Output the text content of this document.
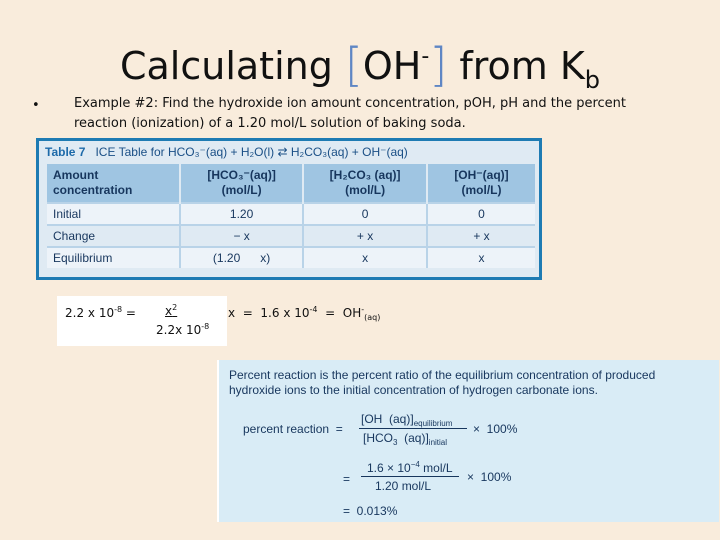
Calculating [OH-] from $K_b$
•	Example #2: Find the hydroxide ion amount concentration, pOH, pH and the percent reaction (ionization) of a 1.20 mol/L solution of baking soda.
Table 7 ICE Table for HCO₃⁻(aq) + H₂O(l) ⇄ H₂CO₃(aq) + OH⁻(aq)
Amount concentration	[HCO₃⁻(aq)] (mol/L)	[H₂CO₃ (aq)] (mol/L)	[OH⁻(aq)] (mol/L)
Initial	1.20	0	0
Change	− x	+ x	+ x
Equilibrium	(1.20      x)	x	x
2.2 x $10^{-8} = x^2$
2.2x $10^{-8}$
x  =  1.6 x $10^{-4} = OH^-_{(aq)}$
Percent reaction is the percent ratio of the equilibrium concentration of produced hydroxide ions to the initial concentration of hydrogen carbonate ions.
percent reaction  =
[OH  $(aq)]_{equilibrium}$
[$HCO_3$  $(aq)]_{initial}$
×  100%
=
$1.6 \times 10^{-4}$ mol/L
1.20 mol/L
×  100%
=  0.013%
